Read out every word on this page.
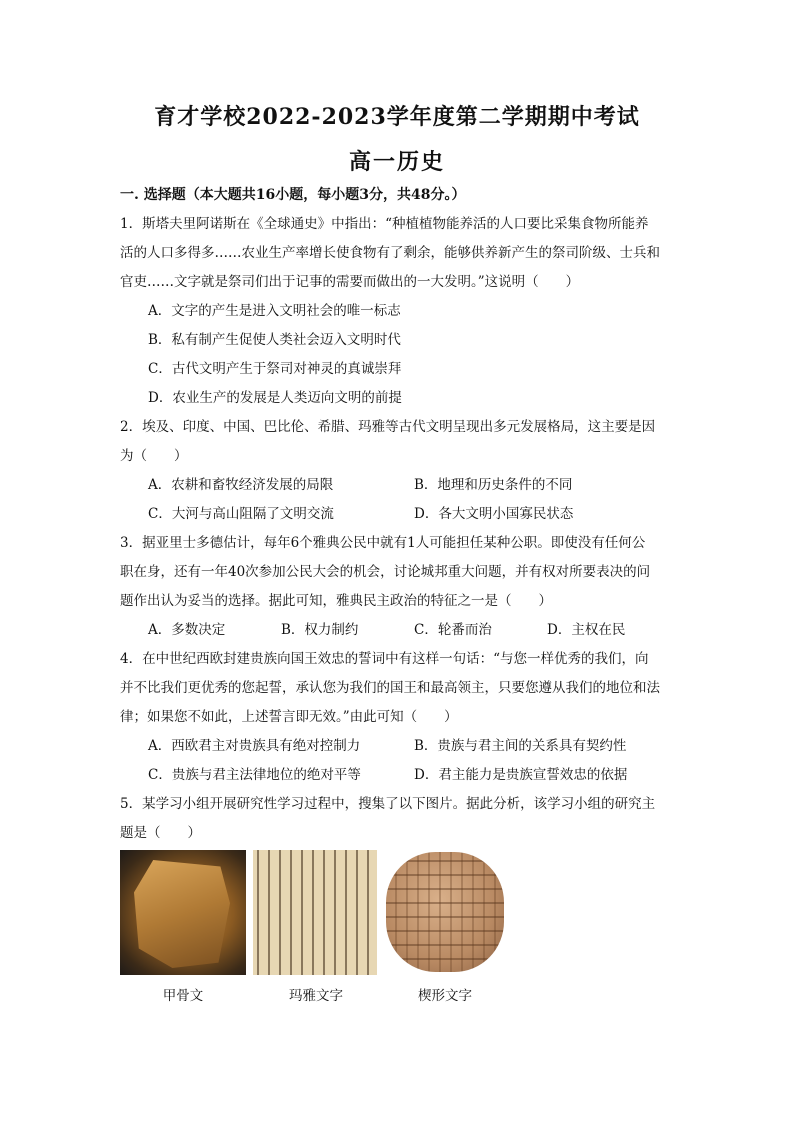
育才学校2022-2023学年度第二学期期中考试
高一历史
一. 选择题（本大题共16小题，每小题3分，共48分。）
1．斯塔夫里阿诺斯在《全球通史》中指出：“种植植物能养活的人口要比采集食物所能养
活的人口多得多……农业生产率增长使食物有了剩余，能够供养新产生的祭司阶级、士兵和
官吏……文字就是祭司们出于记事的需要而做出的一大发明。”这说明（　　）
A．文字的产生是进入文明社会的唯一标志
B．私有制产生促使人类社会迈入文明时代
C．古代文明产生于祭司对神灵的真诚崇拜
D．农业生产的发展是人类迈向文明的前提
2．埃及、印度、中国、巴比伦、希腊、玛雅等古代文明呈现出多元发展格局，这主要是因
为（　　）
A．农耕和畜牧经济发展的局限	B．地理和历史条件的不同
C．大河与高山阻隔了文明交流	D．各大文明小国寡民状态
3．据亚里士多德估计，每年6个雅典公民中就有1人可能担任某种公职。即使没有任何公
职在身，还有一年40次参加公民大会的机会，讨论城邦重大问题，并有权对所要表决的问
题作出认为妥当的选择。据此可知，雅典民主政治的特征之一是（　　）
A．多数决定	B．权力制约	C．轮番而治	D．主权在民
4．在中世纪西欧封建贵族向国王效忠的誓词中有这样一句话：“与您一样优秀的我们，向
并不比我们更优秀的您起誓，承认您为我们的国王和最高领主，只要您遵从我们的地位和法
律；如果您不如此，上述誓言即无效。”由此可知（　　）
A．西欧君主对贵族具有绝对控制力	B．贵族与君主间的关系具有契约性
C．贵族与君主法律地位的绝对平等	D．君主能力是贵族宣誓效忠的依据
5．某学习小组开展研究性学习过程中，搜集了以下图片。据此分析，该学习小组的研究主
题是（　　）
甲骨文	玛雅文字	楔形文字
